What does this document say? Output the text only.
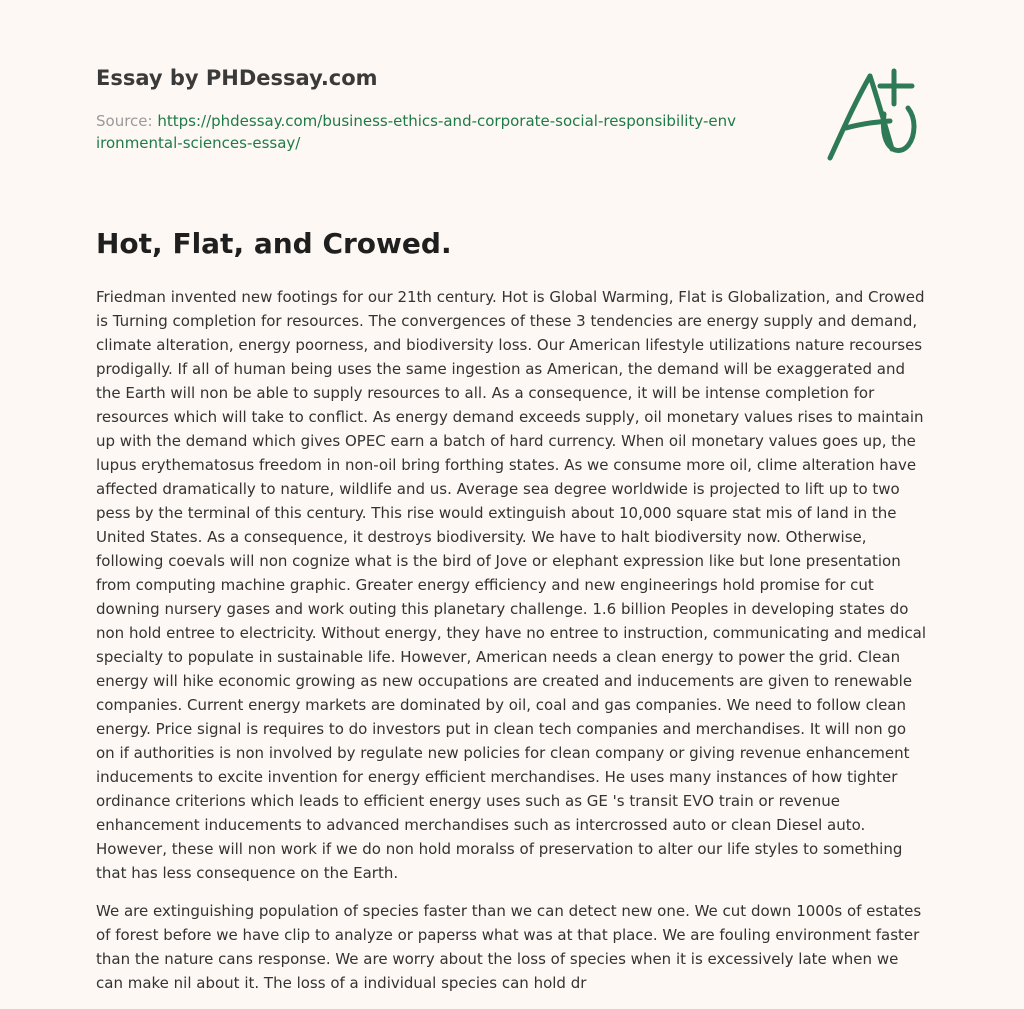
Essay by PHDessay.com
Source: https://phdessay.com/business-ethics-and-corporate-social-responsibility-environmental-sciences-essay/
Hot, Flat, and Crowed.

Friedman invented new footings for our 21th century. Hot is Global Warming, Flat is Globalization, and Crowed is Turning completion for resources. The convergences of these 3 tendencies are energy supply and demand, climate alteration, energy poorness, and biodiversity loss. Our American lifestyle utilizations nature recourses prodigally. If all of human being uses the same ingestion as American, the demand will be exaggerated and the Earth will non be able to supply resources to all. As a consequence, it will be intense completion for resources which will take to conflict. As energy demand exceeds supply, oil monetary values rises to maintain up with the demand which gives OPEC earn a batch of hard currency. When oil monetary values goes up, the lupus erythematosus freedom in non-oil bring forthing states. As we consume more oil, clime alteration have affected dramatically to nature, wildlife and us. Average sea degree worldwide is projected to lift up to two pess by the terminal of this century. This rise would extinguish about 10,000 square stat mis of land in the United States. As a consequence, it destroys biodiversity. We have to halt biodiversity now. Otherwise, following coevals will non cognize what is the bird of Jove or elephant expression like but lone presentation from computing machine graphic. Greater energy efficiency and new engineerings hold promise for cut downing nursery gases and work outing this planetary challenge. 1.6 billion Peoples in developing states do non hold entree to electricity. Without energy, they have no entree to instruction, communicating and medical specialty to populate in sustainable life. However, American needs a clean energy to power the grid. Clean energy will hike economic growing as new occupations are created and inducements are given to renewable companies. Current energy markets are dominated by oil, coal and gas companies. We need to follow clean energy. Price signal is requires to do investors put in clean tech companies and merchandises. It will non go on if authorities is non involved by regulate new policies for clean company or giving revenue enhancement inducements to excite invention for energy efficient merchandises. He uses many instances of how tighter ordinance criterions which leads to efficient energy uses such as GE 's transit EVO train or revenue enhancement inducements to advanced merchandises such as intercrossed auto or clean Diesel auto. However, these will non work if we do non hold moralss of preservation to alter our life styles to something that has less consequence on the Earth.

We are extinguishing population of species faster than we can detect new one. We cut down 1000s of estates of forest before we have clip to analyze or paperss what was at that place. We are fouling environment faster than the nature cans response. We are worry about the loss of species when it is excessively late when we can make nil about it. The loss of a individual species can hold dr
